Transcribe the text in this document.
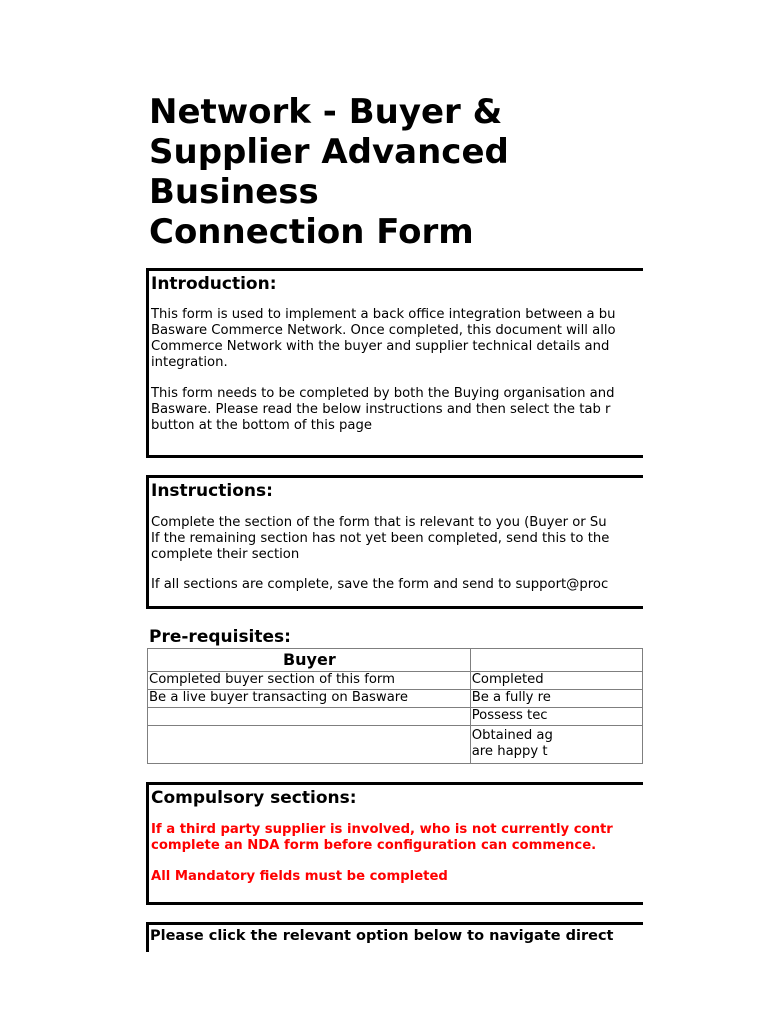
Network - Buyer &
Supplier Advanced
Business
Connection Form
Introduction:
This form is used to implement a back office integration between a bu
Basware Commerce Network. Once completed, this document will allo
Commerce Network with the buyer and supplier technical details and
integration.
This form needs to be completed by both the Buying organisation and
Basware. Please read the below instructions and then select the tab r
button at the bottom of this page
Instructions:
Complete the section of the form that is relevant to you (Buyer or Su
If the remaining section has not yet been completed, send this to the
complete their section
If all sections are complete, save the form and send to support@proc
Pre-requisites:
Buyer	
Completed buyer section of this form	Completed
Be a live buyer transacting on Basware	Be a fully re
	Possess tec

	Obtained ag
are happy t
Compulsory sections:
If a third party supplier is involved, who is not currently contr
complete an NDA form before configuration can commence.
All Mandatory fields must be completed

Please click the relevant option below to navigate direct
